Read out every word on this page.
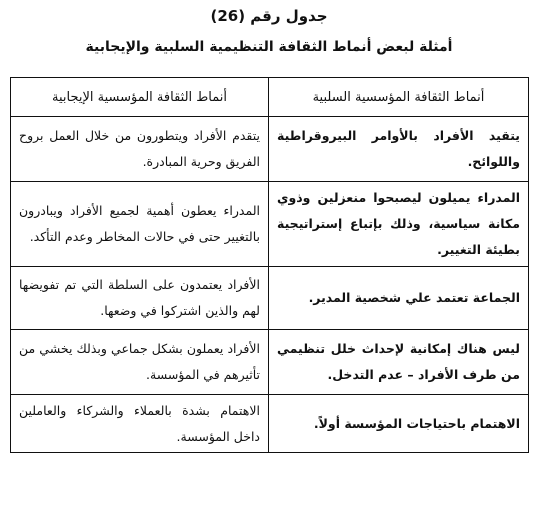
جدول رقم (26)
أمثلة لبعض أنماط الثقافة التنظيمية السلبية والإيجابية
أنماط الثقافة المؤسسية السلبية	أنماط الثقافة المؤسسية الإيجابية
يتقيد الأفراد بالأوامر البيروقراطية واللوائح.	يتقدم الأفراد ويتطورون من خلال العمل بروح الفريق وحرية المبادرة.
المدراء يميلون ليصبحوا منعزلين وذوي مكانة سياسية، وذلك بإتباع إستراتيجية بطيئة التغيير.	المدراء يعطون أهمية لجميع الأفراد ويبادرون بالتغيير حتى في حالات المخاطر وعدم التأكد.
الجماعة تعتمد علي شخصية المدير.	الأفراد يعتمدون على السلطة التي تم تفويضها لهم والذين اشتركوا في وضعها.
ليس هناك إمكانية لإحداث خلل تنظيمي من طرف الأفراد – عدم التدخل.	الأفراد يعملون بشكل جماعي وبذلك يخشي من تأثيرهم في المؤسسة.
الاهتمام باحتياجات المؤسسة أولاً.	الاهتمام بشدة بالعملاء والشركاء والعاملين داخل المؤسسة.
